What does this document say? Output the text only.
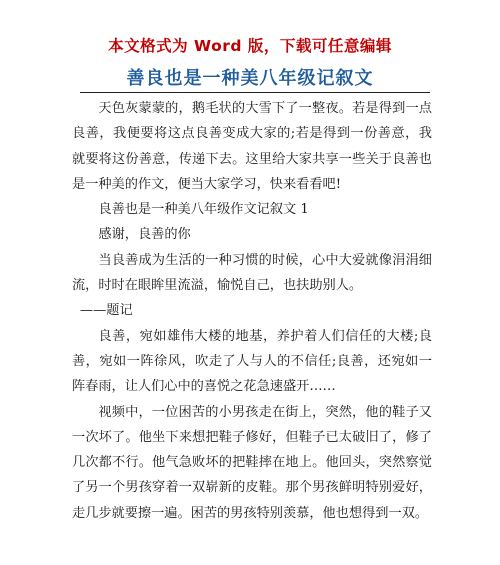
本文格式为 Word 版，下载可任意编辑
善良也是一种美八年级记叙文

天色灰蒙蒙的，鹅毛状的大雪下了一整夜。若是得到一点良善，我便要将这点良善变成大家的;若是得到一份善意，我就要将这份善意，传递下去。这里给大家共享一些关于良善也是一种美的作文，便当大家学习，快来看看吧!

良善也是一种美八年级作文记叙文 1

感谢，良善的你

当良善成为生活的一种习惯的时候，心中大爱就像涓涓细流，时时在眼眸里流溢，愉悦自己，也扶助别人。

——题记

良善，宛如雄伟大楼的地基，养护着人们信任的大楼;良善，宛如一阵徐风，吹走了人与人的不信任;良善，还宛如一阵春雨，让人们心中的喜悦之花急速盛开……

视频中，一位困苦的小男孩走在街上，突然，他的鞋子又一次坏了。他坐下来想把鞋子修好，但鞋子已太破旧了，修了几次都不行。他气急败坏的把鞋摔在地上。他回头，突然察觉了另一个男孩穿着一双崭新的皮鞋。那个男孩鲜明特别爱好，走几步就要擦一遍。困苦的男孩特别羡慕，他也想得到一双。
